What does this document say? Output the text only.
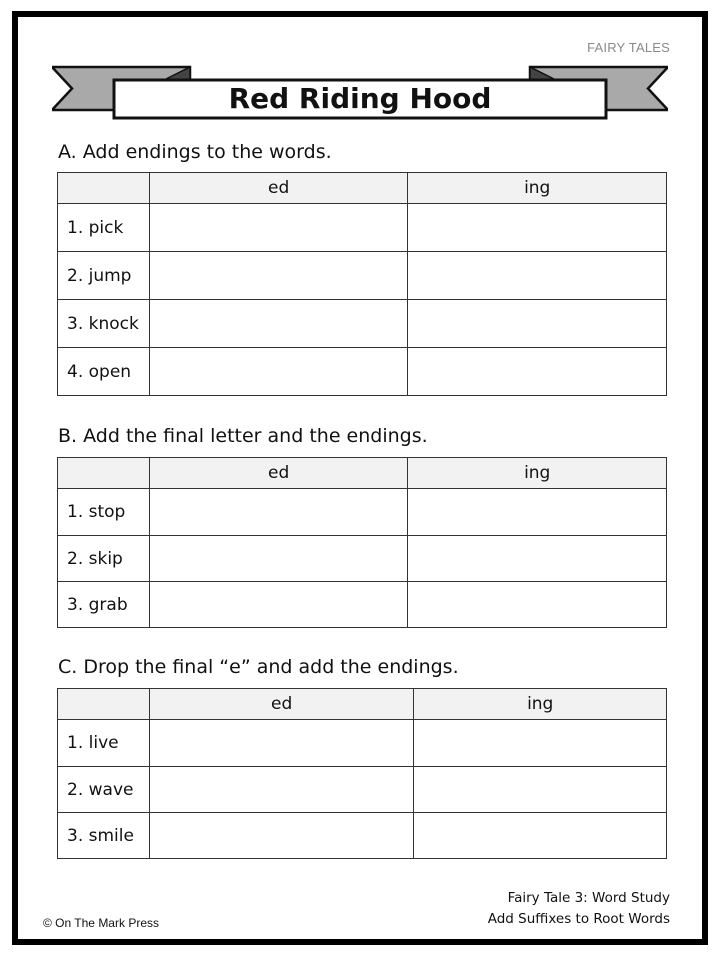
FAIRY TALES
Red Riding Hood
A. Add endings to the words.
	ed	ing
1. pick		
2. jump		
3. knock		
4. open		
B. Add the final letter and the endings.
	ed	ing
1. stop		
2. skip		
3. grab		
C. Drop the final “e” and add the endings.
	ed	ing
1. live		
2. wave		
3. smile		
Fairy Tale 3: Word Study
Add Suffixes to Root Words
© On The Mark Press
